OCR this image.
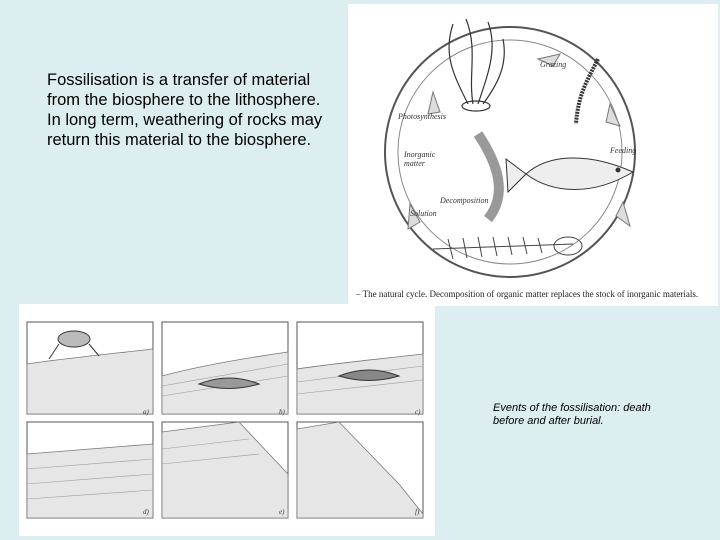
Fossilisation is a transfer of material
from the biosphere to the lithosphere.
In long term, weathering of rocks may
return this material to the biosphere.
Grazing
Photosynthesis
Feeding
Inorganic matter
Decomposition
Solution
– The natural cycle. Decomposition of organic matter replaces the stock of inorganic materials.
a)	b)	c)
d)	e)	f)
Events of the fossilisation: death
before and after burial.
